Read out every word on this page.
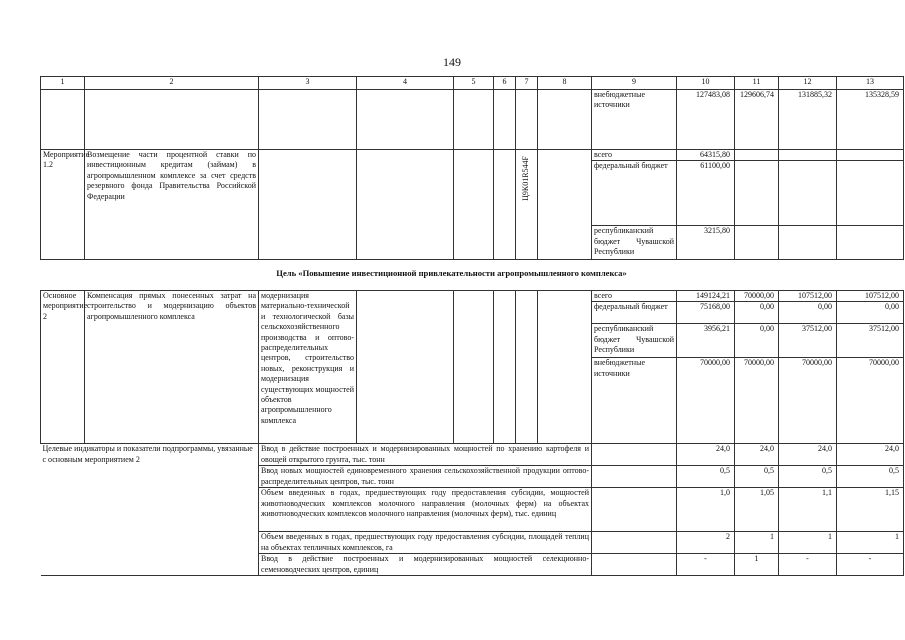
149
1	2	3	4	5	6	7	8	9	10	11	12	13
								внебюджетные источники	127483,08	129606,74	131885,32	135328,59
Мероприятие 1.2	Возмещение части процентной ставки по инвестиционным кредитам (займам) в агропромышленном комплексе за счет средств резервного фонда Правительства Российской Федерации					Ц9К01R544F		всего	64315,80			
								федеральный бюджет	61100,00			
								республиканский бюджет Чувашской Республики	3215,80			
Цель «Повышение инвестиционной привлекательности агропромышленного комплекса»
Основное мероприятие 2	Компенсация прямых понесенных затрат на строительство и модернизацию объектов агропромышленного комплекса	модернизация материально-технической и технологической базы сельскохозяйственного производства и оптово-распределительных центров, строительство новых, реконструкция и модернизация существующих мощностей объектов агропромышленного комплекса						всего	149124,21	70000,00	107512,00	107512,00
								федеральный бюджет	75168,00	0,00	0,00	0,00
								республиканский бюджет Чувашской Республики	3956,21	0,00	37512,00	37512,00
								внебюджетные источники	70000,00	70000,00	70000,00	70000,00
Целевые индикаторы и показатели подпрограммы, увязанные с основным мероприятием 2		Ввод в действие построенных и модернизированных мощностей по хранению картофеля и овощей открытого грунта, тыс. тонн							24,0	24,0	24,0	24,0
		Ввод новых мощностей единовременного хранения сельскохозяйственной продукции оптово-распределительных центров, тыс. тонн							0,5	0,5	0,5	0,5
		Объем введенных в годах, предшествующих году предоставления субсидии, мощностей животноводческих комплексов молочного направления (молочных ферм) на объектах животноводческих комплексов молочного направления (молочных ферм), тыс. единиц							1,0	1,05	1,1	1,15
		Объем введенных в годах, предшествующих году предоставления субсидии, площадей теплиц на объектах тепличных комплексов, га							2	1	1	1
		Ввод в действие построенных и модернизированных мощностей селекционно-семеноводческих центров, единиц							-	1	-	-
